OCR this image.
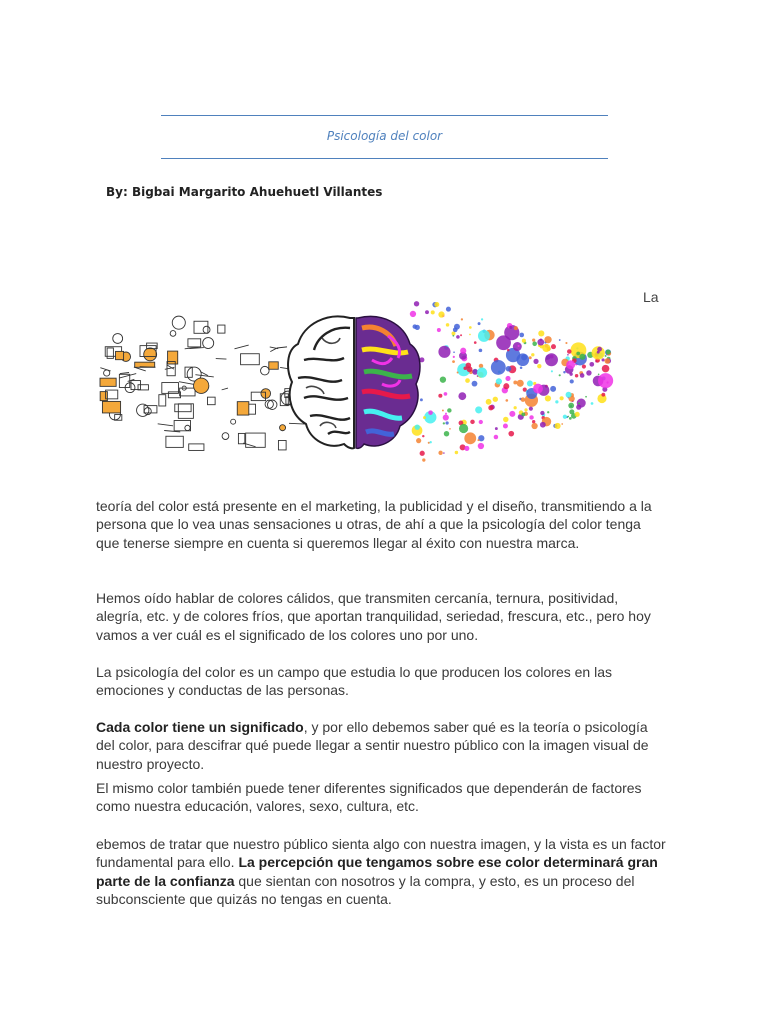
Psicología del color
By: Bigbai Margarito Ahuehuetl Villantes
La
teoría del color está presente en el marketing, la publicidad y el diseño, transmitiendo a la persona que lo vea unas sensaciones u otras, de ahí a que la psicología del color tenga que tenerse siempre en cuenta si queremos llegar al éxito con nuestra marca.
Hemos oído hablar de colores cálidos, que transmiten cercanía, ternura, positividad, alegría, etc. y de colores fríos, que aportan tranquilidad, seriedad, frescura, etc., pero hoy vamos a ver cuál es el significado de los colores uno por uno.
La psicología del color es un campo que estudia lo que producen los colores en las emociones y conductas de las personas.
Cada color tiene un significado, y por ello debemos saber qué es la teoría o psicología del color, para descifrar qué puede llegar a sentir nuestro público con la imagen visual de nuestro proyecto.
El mismo color también puede tener diferentes significados que dependerán de factores como nuestra educación, valores, sexo, cultura, etc.
ebemos de tratar que nuestro público sienta algo con nuestra imagen, y la vista es un factor fundamental para ello. La percepción que tengamos sobre ese color determinará gran parte de la confianza que sientan con nosotros y la compra, y esto, es un proceso del subconsciente que quizás no tengas en cuenta.
